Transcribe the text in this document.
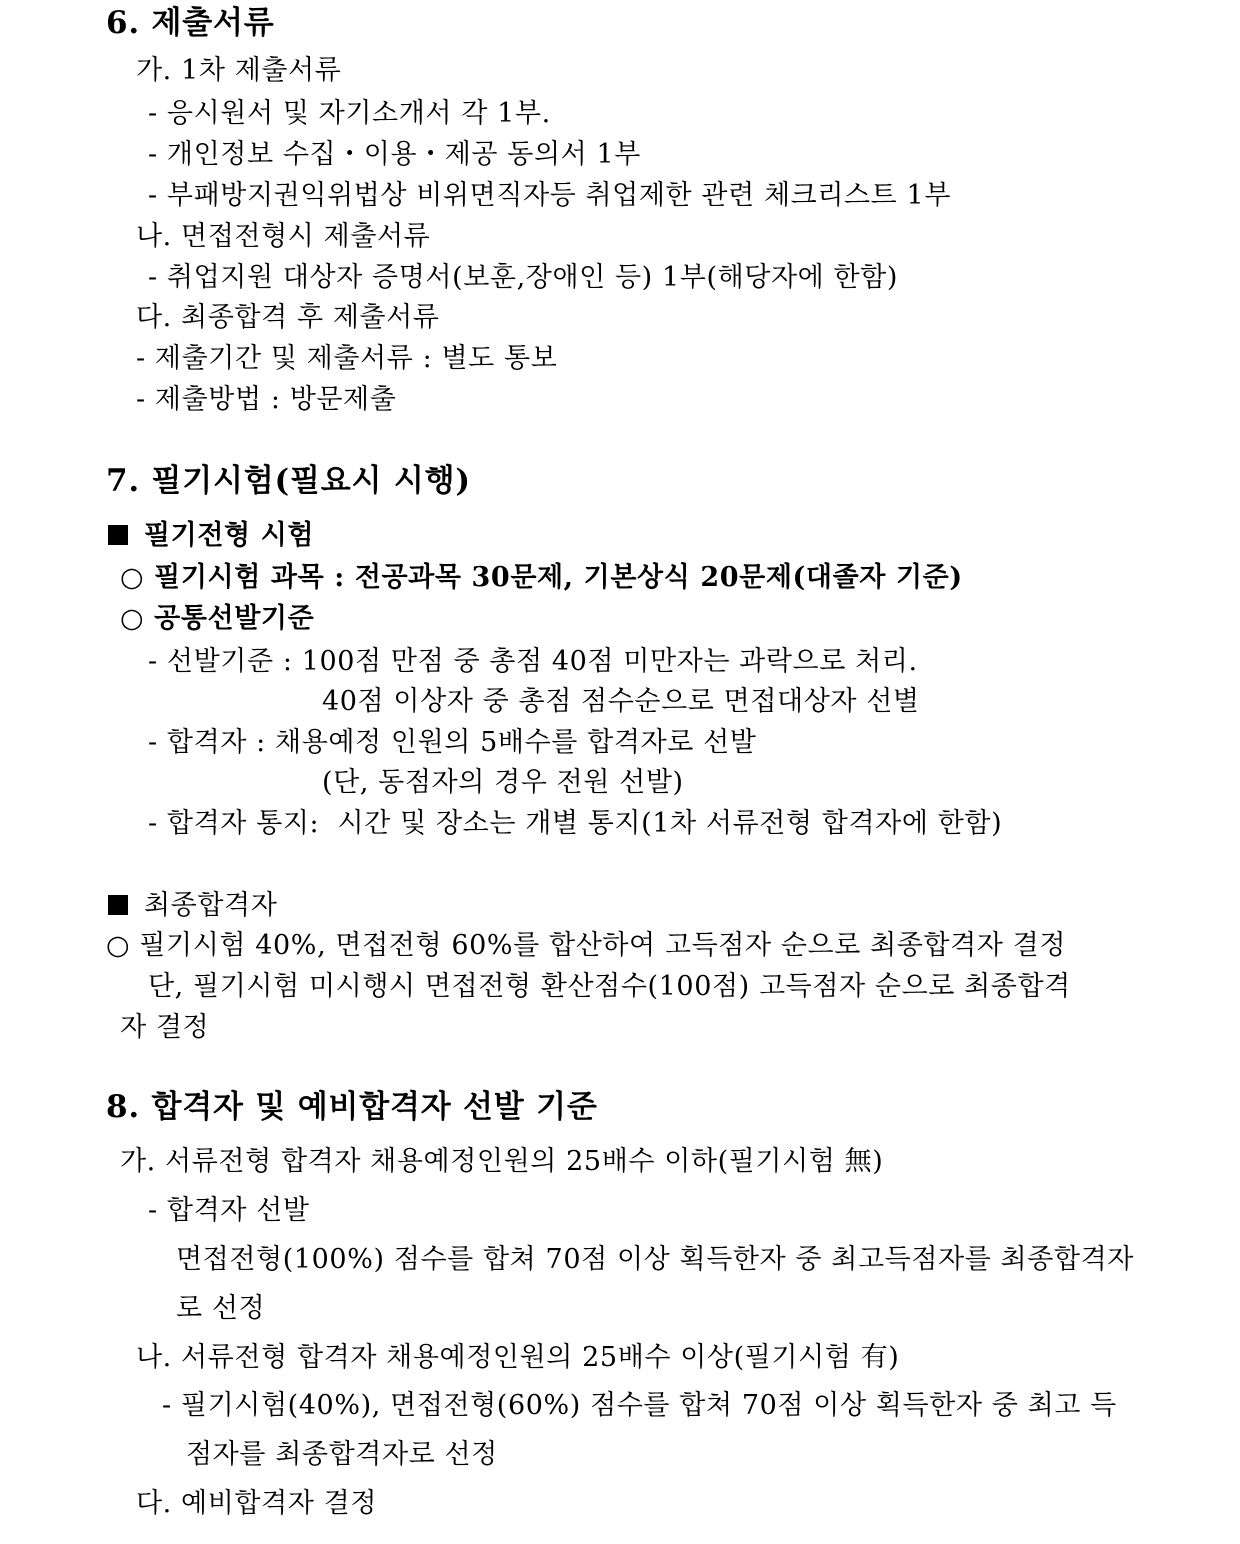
6. 제출서류
가. 1차 제출서류
- 응시원서 및 자기소개서 각 1부.
- 개인정보 수집・이용・제공 동의서 1부
- 부패방지권익위법상 비위면직자등 취업제한 관련 체크리스트 1부
나. 면접전형시 제출서류
- 취업지원 대상자 증명서(보훈,장애인 등) 1부(해당자에 한함)
다. 최종합격 후 제출서류
- 제출기간 및 제출서류 : 별도 통보
- 제출방법 : 방문제출
7. 필기시험(필요시 시행)
필기전형 시험
○ 필기시험 과목 : 전공과목 30문제, 기본상식 20문제(대졸자 기준)
○ 공통선발기준
- 선발기준 : 100점 만점 중 총점 40점 미만자는 과락으로 처리.
40점 이상자 중 총점 점수순으로 면접대상자 선별
- 합격자 : 채용예정 인원의 5배수를 합격자로 선발
(단, 동점자의 경우 전원 선발)
- 합격자 통지:  시간 및 장소는 개별 통지(1차 서류전형 합격자에 한함)
최종합격자
○ 필기시험 40%, 면접전형 60%를 합산하여 고득점자 순으로 최종합격자 결정
단, 필기시험 미시행시 면접전형 환산점수(100점) 고득점자 순으로 최종합격
자 결정
8. 합격자 및 예비합격자 선발 기준
가. 서류전형 합격자 채용예정인원의 25배수 이하(필기시험 無)
- 합격자 선발
면접전형(100%) 점수를 합쳐 70점 이상 획득한자 중 최고득점자를 최종합격자
로 선정
나. 서류전형 합격자 채용예정인원의 25배수 이상(필기시험 有)
- 필기시험(40%), 면접전형(60%) 점수를 합쳐 70점 이상 획득한자 중 최고 득
점자를 최종합격자로 선정
다. 예비합격자 결정
